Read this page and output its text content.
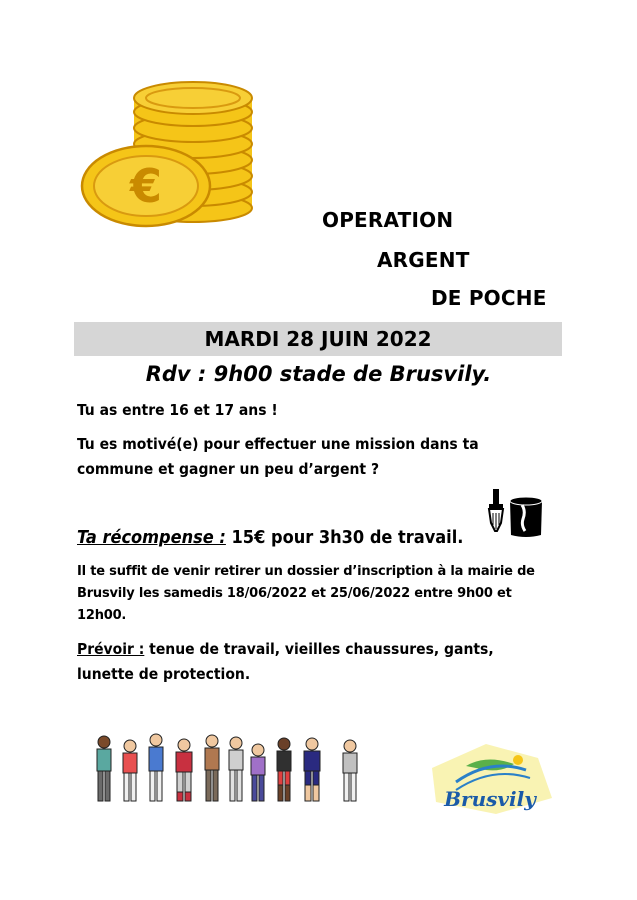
€
OPERATION
ARGENT
DE POCHE
MARDI 28 JUIN 2022
Rdv : 9h00 stade de Brusvily.
Tu as entre 16 et 17 ans !
Tu es motivé(e) pour effectuer une mission dans ta
commune et gagner un peu d’argent ?
Ta récompense : 15€ pour 3h30 de travail.
Il te suffit de venir retirer un dossier d’inscription à la mairie de
Brusvily les samedis 18/06/2022 et 25/06/2022 entre 9h00 et
12h00.
Prévoir : tenue de travail, vieilles chaussures, gants,
lunette de protection.
Brusvily
